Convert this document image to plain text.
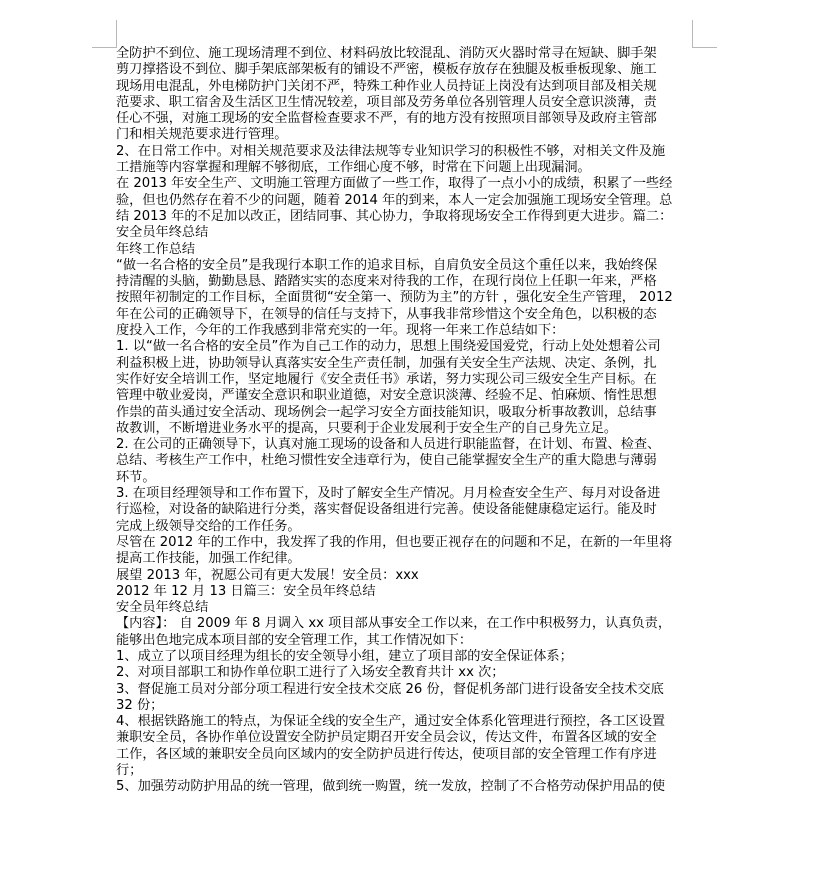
全防护不到位、施工现场清理不到位、材料码放比较混乱、消防灭火器时常寻在短缺、脚手架
剪刀撑搭设不到位、脚手架底部架板有的铺设不严密，模板存放存在独腿及板垂板现象、施工
现场用电混乱，外电梯防护门关闭不严，特殊工种作业人员持证上岗没有达到项目部及相关规
范要求、职工宿舍及生活区卫生情况较差，项目部及劳务单位各别管理人员安全意识淡薄，责
任心不强，对施工现场的安全监督检查要求不严，有的地方没有按照项目部领导及政府主管部
门和相关规范要求进行管理。
2、在日常工作中。对相关规范要求及法律法规等专业知识学习的积极性不够，对相关文件及施
工措施等内容掌握和理解不够彻底，工作细心度不够，时常在下问题上出现漏洞。
在 2013 年安全生产、文明施工管理方面做了一些工作，取得了一点小小的成绩，积累了一些经
验，但也仍然存在着不少的问题，随着 2014 年的到来，本人一定会加强施工现场安全管理。总
结 2013 年的不足加以改正，团结同事、其心协力，争取将现场安全工作得到更大进步。篇二：
安全员年终总结
年终工作总结
“做一名合格的安全员”是我现行本职工作的追求目标，自肩负安全员这个重任以来，我始终保
持清醒的头脑，勤勤恳恳、踏踏实实的态度来对待我的工作，在现行岗位上任职一年来，严格
按照年初制定的工作目标，全面贯彻“安全第一、预防为主”的方针 ，强化安全生产管理， 2012
年在公司的正确领导下，在领导的信任与支持下，从事我非常珍惜这个安全角色，以积极的态
度投入工作，今年的工作我感到非常充实的一年。现将一年来工作总结如下：
1. 以“做一名合格的安全员”作为自己工作的动力，思想上围绕爱国爱党，行动上处处想着公司
利益积极上进，协助领导认真落实安全生产责任制，加强有关安全生产法规、决定、条例，扎
实作好安全培训工作，坚定地履行《安全责任书》承诺，努力实现公司三级安全生产目标。在
管理中敬业爱岗，严谨安全意识和职业道德，对安全意识淡薄、经验不足、怕麻烦、惰性思想
作祟的苗头通过安全活动、现场例会一起学习安全方面技能知识，吸取分析事故教训，总结事
故教训，不断增进业务水平的提高，只要利于企业发展利于安全生产的自己身先立足。
2. 在公司的正确领导下，认真对施工现场的设备和人员进行职能监督，在计划、布置、检查、
总结、考核生产工作中，杜绝习惯性安全违章行为，使自己能掌握安全生产的重大隐患与薄弱
环节。
3. 在项目经理领导和工作布置下，及时了解安全生产情况。月月检查安全生产、每月对设备进
行巡检，对设备的缺陷进行分类，落实督促设备组进行完善。使设备能健康稳定运行。能及时
完成上级领导交给的工作任务。
尽管在 2012 年的工作中，我发挥了我的作用，但也要正视存在的问题和不足，在新的一年里将
提高工作技能，加强工作纪律。
展望 2013 年，祝愿公司有更大发展！安全员：xxx
2012 年 12 月 13 日篇三：安全员年终总结
安全员年终总结
【内容】： 自 2009 年 8 月调入 xx 项目部从事安全工作以来，在工作中积极努力，认真负责，
能够出色地完成本项目部的安全管理工作，其工作情况如下：
1、成立了以项目经理为组长的安全领导小组，建立了项目部的安全保证体系；
2、对项目部职工和协作单位职工进行了入场安全教育共计 xx 次；
3、督促施工员对分部分项工程进行安全技术交底 26 份，督促机务部门进行设备安全技术交底
32 份；
4、根据铁路施工的特点，为保证全线的安全生产，通过安全体系化管理进行预控，各工区设置
兼职安全员，各协作单位设置安全防护员定期召开安全员会议，传达文件，布置各区域的安全
工作，各区域的兼职安全员向区域内的安全防护员进行传达，使项目部的安全管理工作有序进
行；
5、加强劳动防护用品的统一管理，做到统一购置，统一发放，控制了不合格劳动保护用品的使
